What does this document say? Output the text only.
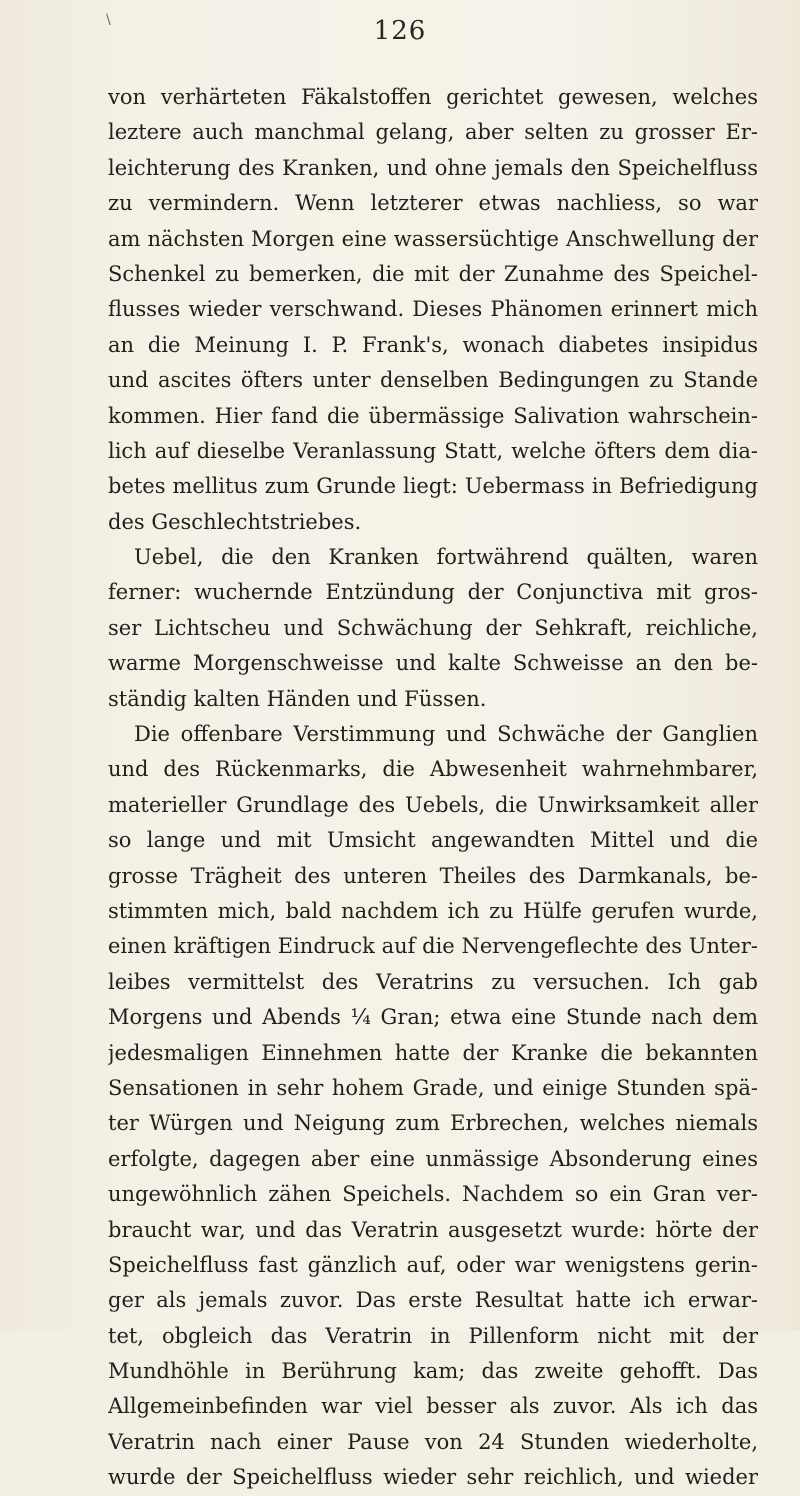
\	126
von verhärteten Fäkalstoffen gerichtet gewesen, welches
leztere auch manchmal gelang, aber selten zu grosser Er-
leichterung des Kranken, und ohne jemals den Speichelfluss
zu vermindern. Wenn letzterer etwas nachliess, so war
am nächsten Morgen eine wassersüchtige Anschwellung der
Schenkel zu bemerken, die mit der Zunahme des Speichel-
flusses wieder verschwand. Dieses Phänomen erinnert mich
an die Meinung I. P. Frank's, wonach diabetes insipidus
und ascites öfters unter denselben Bedingungen zu Stande
kommen. Hier fand die übermässige Salivation wahrschein-
lich auf dieselbe Veranlassung Statt, welche öfters dem dia-
betes mellitus zum Grunde liegt: Uebermass in Befriedigung
des Geschlechtstriebes.
Uebel, die den Kranken fortwährend quälten, waren
ferner: wuchernde Entzündung der Conjunctiva mit gros-
ser Lichtscheu und Schwächung der Sehkraft, reichliche,
warme Morgenschweisse und kalte Schweisse an den be-
ständig kalten Händen und Füssen.
Die offenbare Verstimmung und Schwäche der Ganglien
und des Rückenmarks, die Abwesenheit wahrnehmbarer,
materieller Grundlage des Uebels, die Unwirksamkeit aller
so lange und mit Umsicht angewandten Mittel und die
grosse Trägheit des unteren Theiles des Darmkanals, be-
stimmten mich, bald nachdem ich zu Hülfe gerufen wurde,
einen kräftigen Eindruck auf die Nervengeflechte des Unter-
leibes vermittelst des Veratrins zu versuchen. Ich gab
Morgens und Abends ¼ Gran; etwa eine Stunde nach dem
jedesmaligen Einnehmen hatte der Kranke die bekannten
Sensationen in sehr hohem Grade, und einige Stunden spä-
ter Würgen und Neigung zum Erbrechen, welches niemals
erfolgte, dagegen aber eine unmässige Absonderung eines
ungewöhnlich zähen Speichels. Nachdem so ein Gran ver-
braucht war, und das Veratrin ausgesetzt wurde: hörte der
Speichelfluss fast gänzlich auf, oder war wenigstens gerin-
ger als jemals zuvor. Das erste Resultat hatte ich erwar-
tet, obgleich das Veratrin in Pillenform nicht mit der
Mundhöhle in Berührung kam; das zweite gehofft. Das
Allgemeinbefinden war viel besser als zuvor. Als ich das
Veratrin nach einer Pause von 24 Stunden wiederholte,
wurde der Speichelfluss wieder sehr reichlich, und wieder
